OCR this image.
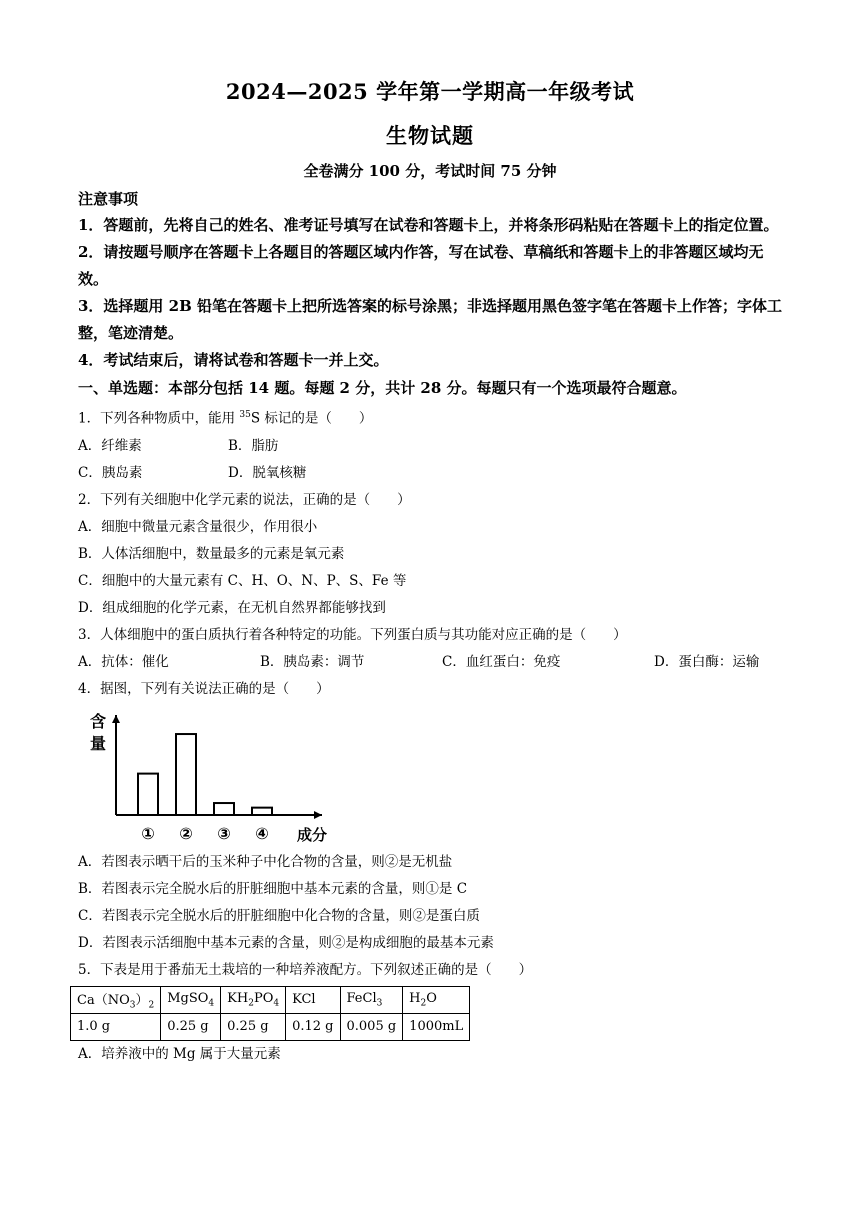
2024—2025 学年第一学期高一年级考试
生物试题
全卷满分 100 分，考试时间 75 分钟
注意事项
1．答题前，先将自己的姓名、准考证号填写在试卷和答题卡上，并将条形码粘贴在答题卡上的指定位置。
2．请按题号顺序在答题卡上各题目的答题区域内作答，写在试卷、草稿纸和答题卡上的非答题区域均无效。
3．选择题用 2B 铅笔在答题卡上把所选答案的标号涂黑；非选择题用黑色签字笔在答题卡上作答；字体工整，笔迹清楚。
4．考试结束后，请将试卷和答题卡一并上交。
一、单选题：本部分包括 14 题。每题 2 分，共计 28 分。每题只有一个选项最符合题意。
1．下列各种物质中，能用 $^{35}$S 标记的是（　　）
A．纤维素	B．脂肪
C．胰岛素	D．脱氧核糖
2．下列有关细胞中化学元素的说法，正确的是（　　）
A．细胞中微量元素含量很少，作用很小
B．人体活细胞中，数量最多的元素是氧元素
C．细胞中的大量元素有 C、H、O、N、P、S、Fe 等
D．组成细胞的化学元素，在无机自然界都能够找到
3．人体细胞中的蛋白质执行着各种特定的功能。下列蛋白质与其功能对应正确的是（　　）
A．抗体：催化	B．胰岛素：调节	C．血红蛋白：免疫	D．蛋白酶：运输
4．据图，下列有关说法正确的是（　　）
含
量
① ② ③ ④ 成分
A．若图表示晒干后的玉米种子中化合物的含量，则②是无机盐
B．若图表示完全脱水后的肝脏细胞中基本元素的含量，则①是 C
C．若图表示完全脱水后的肝脏细胞中化合物的含量，则②是蛋白质
D．若图表示活细胞中基本元素的含量，则②是构成细胞的最基本元素
5．下表是用于番茄无土栽培的一种培养液配方。下列叙述正确的是（　　）
$Ca(NO_3)_2$	MgSO$_4$	$KH_2PO_4$	KCl	FeCl$_3$	$H_2O$
1.0 g	0.25 g	0.25 g	0.12 g	0.005 g	1000mL
A．培养液中的 Mg 属于大量元素
